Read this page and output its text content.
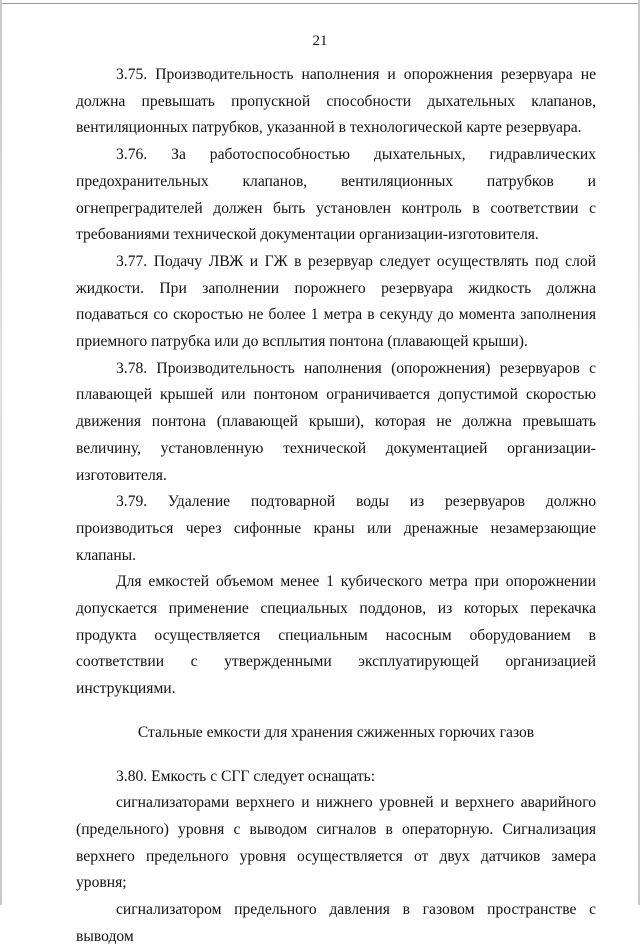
21

3.75. Производительность наполнения и опорожнения резервуара не должна превышать пропускной способности дыхательных клапанов, вентиляционных патрубков, указанной в технологической карте резервуара.

3.76. За работоспособностью дыхательных, гидравлических предохранительных клапанов, вентиляционных патрубков и огнепреградителей должен быть установлен контроль в соответствии с требованиями технической документации организации-изготовителя.

3.77. Подачу ЛВЖ и ГЖ в резервуар следует осуществлять под слой жидкости. При заполнении порожнего резервуара жидкость должна подаваться со скоростью не более 1 метра в секунду до момента заполнения приемного патрубка или до всплытия понтона (плавающей крыши).

3.78. Производительность наполнения (опорожнения) резервуаров с плавающей крышей или понтоном ограничивается допустимой скоростью движения понтона (плавающей крыши), которая не должна превышать величину, установленную технической документацией организации-изготовителя.

3.79. Удаление подтоварной воды из резервуаров должно производиться через сифонные краны или дренажные незамерзающие клапаны.

Для емкостей объемом менее 1 кубического метра при опорожнении допускается применение специальных поддонов, из которых перекачка продукта осуществляется специальным насосным оборудованием в соответствии с утвержденными эксплуатирующей организацией инструкциями.

Стальные емкости для хранения сжиженных горючих газов

3.80. Емкость с СГГ следует оснащать:

сигнализаторами верхнего и нижнего уровней и верхнего аварийного (предельного) уровня с выводом сигналов в операторную. Сигнализация верхнего предельного уровня осуществляется от двух датчиков замера уровня;

сигнализатором предельного давления в газовом пространстве с выводом
